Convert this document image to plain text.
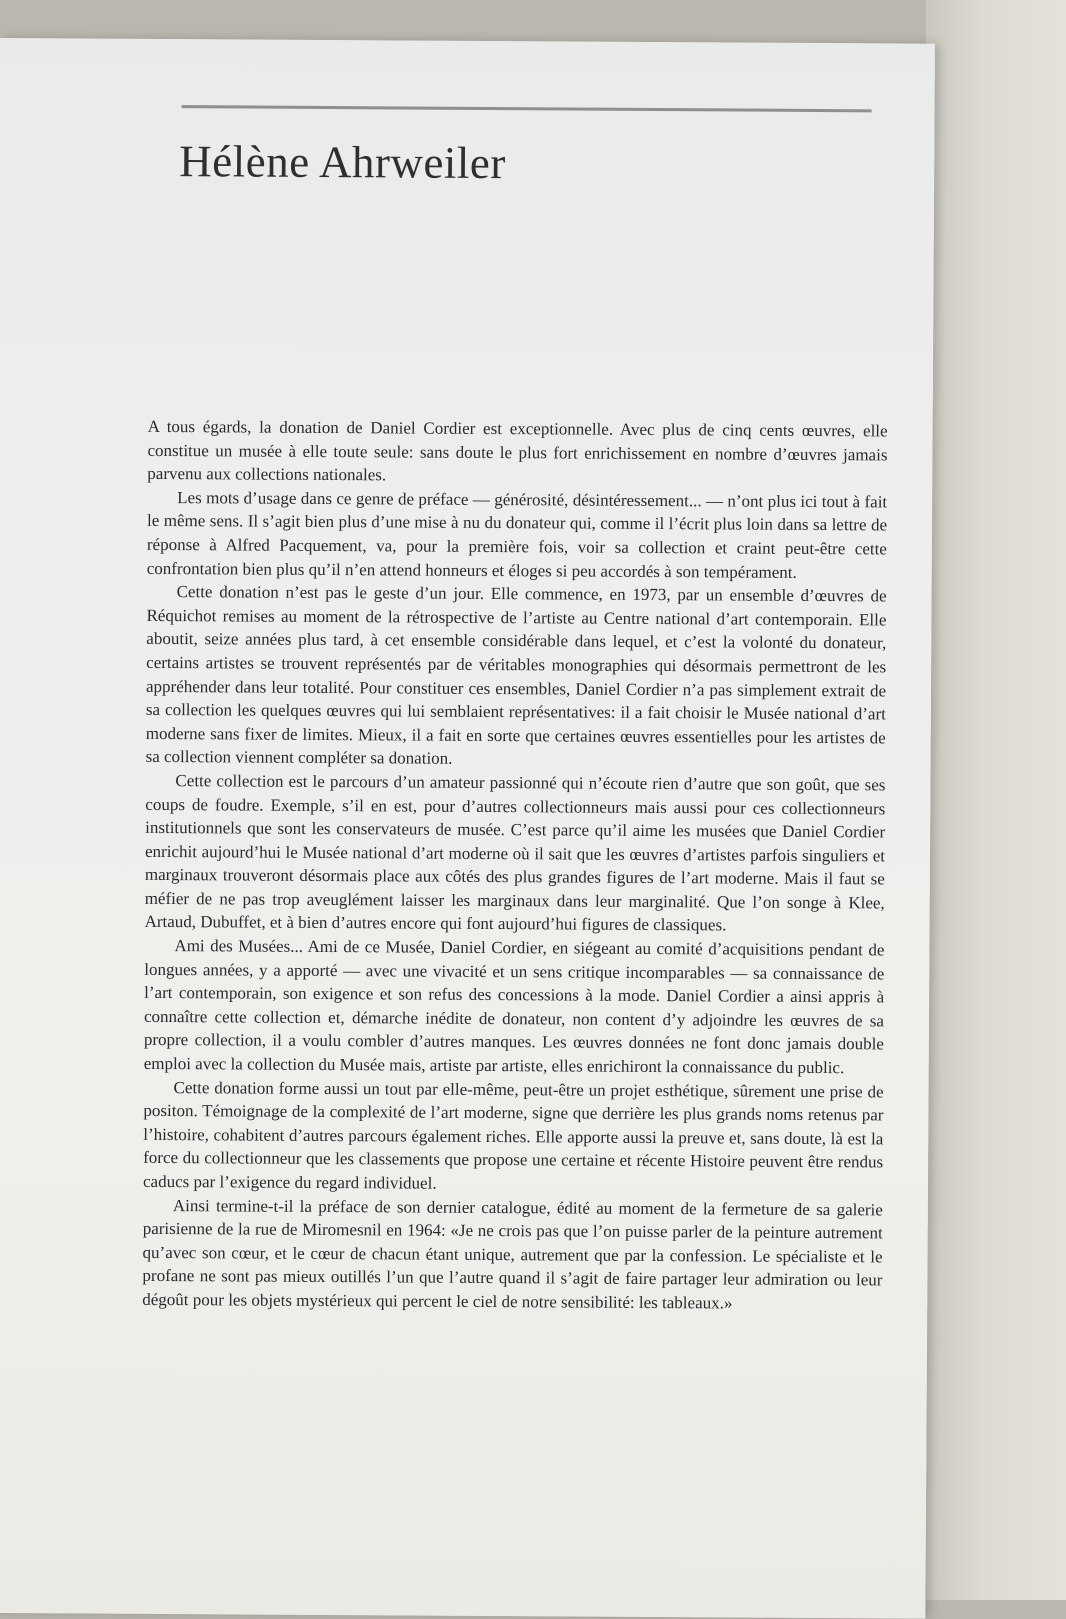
Hélène Ahrweiler

A tous égards, la donation de Daniel Cordier est exceptionnelle. Avec plus de cinq cents œuvres, elle constitue un musée à elle toute seule: sans doute le plus fort enrichissement en nombre d’œuvres jamais parvenu aux collections nationales.

Les mots d’usage dans ce genre de préface — générosité, désintéressement... — n’ont plus ici tout à fait le même sens. Il s’agit bien plus d’une mise à nu du donateur qui, comme il l’écrit plus loin dans sa lettre de réponse à Alfred Pacquement, va, pour la première fois, voir sa collection et craint peut-être cette confrontation bien plus qu’il n’en attend honneurs et éloges si peu accordés à son tempérament.

Cette donation n’est pas le geste d’un jour. Elle commence, en 1973, par un ensemble d’œuvres de Réquichot remises au moment de la rétrospective de l’artiste au Centre national d’art contemporain. Elle aboutit, seize années plus tard, à cet ensemble considérable dans lequel, et c’est la volonté du donateur, certains artistes se trouvent représentés par de véritables monographies qui désormais permettront de les appréhender dans leur totalité. Pour constituer ces ensembles, Daniel Cordier n’a pas simplement extrait de sa collection les quelques œuvres qui lui semblaient représentatives: il a fait choisir le Musée national d’art moderne sans fixer de limites. Mieux, il a fait en sorte que certaines œuvres essentielles pour les artistes de sa collection viennent compléter sa donation.

Cette collection est le parcours d’un amateur passionné qui n’écoute rien d’autre que son goût, que ses coups de foudre. Exemple, s’il en est, pour d’autres collectionneurs mais aussi pour ces collectionneurs institutionnels que sont les conservateurs de musée. C’est parce qu’il aime les musées que Daniel Cordier enrichit aujourd’hui le Musée national d’art moderne où il sait que les œuvres d’artistes parfois singuliers et marginaux trouveront désormais place aux côtés des plus grandes figures de l’art moderne. Mais il faut se méfier de ne pas trop aveuglément laisser les marginaux dans leur marginalité. Que l’on songe à Klee, Artaud, Dubuffet, et à bien d’autres encore qui font aujourd’hui figures de classiques.

Ami des Musées... Ami de ce Musée, Daniel Cordier, en siégeant au comité d’acquisitions pendant de longues années, y a apporté — avec une vivacité et un sens critique incomparables — sa connaissance de l’art contemporain, son exigence et son refus des concessions à la mode. Daniel Cordier a ainsi appris à connaître cette collection et, démarche inédite de donateur, non content d’y adjoindre les œuvres de sa propre collection, il a voulu combler d’autres manques. Les œuvres données ne font donc jamais double emploi avec la collection du Musée mais, artiste par artiste, elles enrichiront la connaissance du public.

Cette donation forme aussi un tout par elle-même, peut-être un projet esthétique, sûrement une prise de positon. Témoignage de la complexité de l’art moderne, signe que derrière les plus grands noms retenus par l’histoire, cohabitent d’autres parcours également riches. Elle apporte aussi la preuve et, sans doute, là est la force du collectionneur que les classements que propose une certaine et récente Histoire peuvent être rendus caducs par l’exigence du regard individuel.

Ainsi termine-t-il la préface de son dernier catalogue, édité au moment de la fermeture de sa galerie parisienne de la rue de Miromesnil en 1964: «Je ne crois pas que l’on puisse parler de la peinture autrement qu’avec son cœur, et le cœur de chacun étant unique, autrement que par la confession. Le spécialiste et le profane ne sont pas mieux outillés l’un que l’autre quand il s’agit de faire partager leur admiration ou leur dégoût pour les objets mystérieux qui percent le ciel de notre sensibilité: les tableaux.»
